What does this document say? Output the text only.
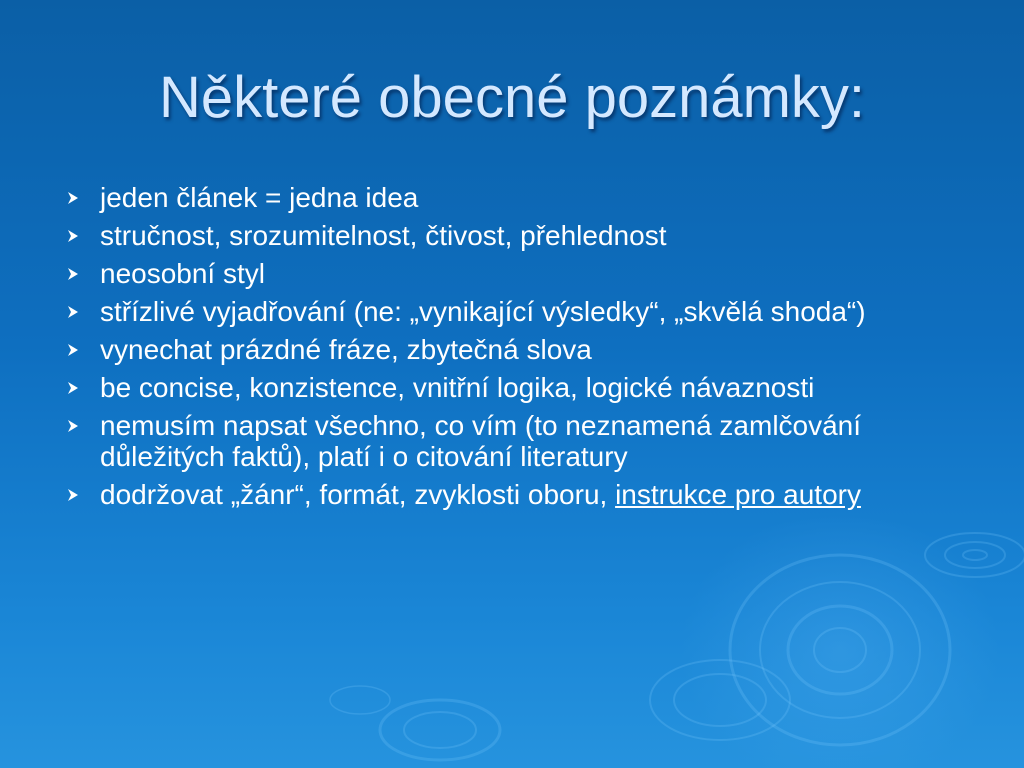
Některé obecné poznámky:
jeden článek = jedna idea
stručnost, srozumitelnost, čtivost, přehlednost
neosobní styl
střízlivé vyjadřování (ne: „vynikající výsledky“, „skvělá shoda“)
vynechat prázdné fráze, zbytečná slova
be concise, konzistence, vnitřní logika, logické návaznosti
nemusím napsat všechno, co vím (to neznamená zamlčování důležitých faktů), platí i o citování literatury
dodržovat „žánr“, formát, zvyklosti oboru, instrukce pro autory
